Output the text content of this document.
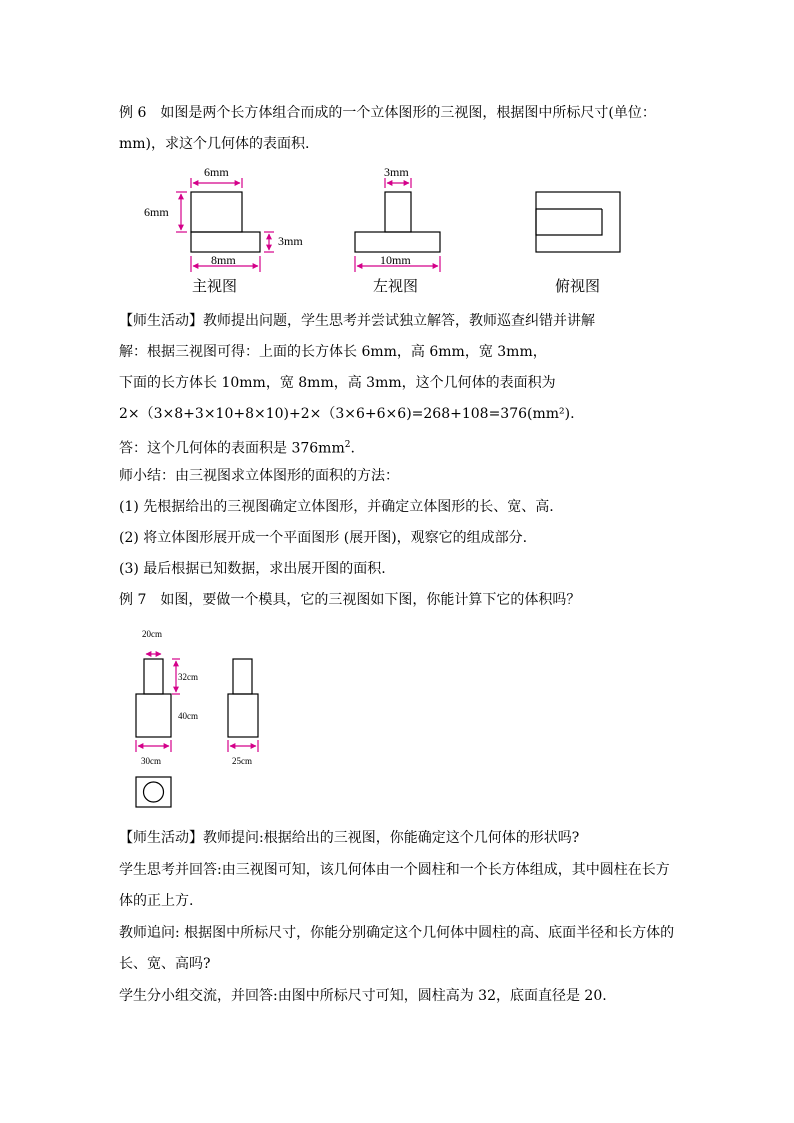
例 6　如图是两个长方体组合而成的一个立体图形的三视图，根据图中所标尺寸(单位：
mm)，求这个几何体的表面积.
6mm
6mm
3mm
8mm
主视图
3mm
10mm
左视图	俯视图
【师生活动】教师提出问题，学生思考并尝试独立解答，教师巡查纠错并讲解
解：根据三视图可得：上面的长方体长 6mm，高 6mm，宽 3mm，
下面的长方体长 10mm，宽 8mm，高 3mm，这个几何体的表面积为
2×（3×8+3×10+8×10)+2×（3×6+6×6)=268+108=376(mm²).
答：这个几何体的表面积是 $376mm^2$.
师小结：由三视图求立体图形的面积的方法：
(1) 先根据给出的三视图确定立体图形，并确定立体图形的长、宽、高.
(2) 将立体图形展开成一个平面图形 (展开图)，观察它的组成部分.
(3) 最后根据已知数据，求出展开图的面积.
例 7　如图，要做一个模具，它的三视图如下图，你能计算下它的体积吗？
20cm
32cm
40cm
30cm	25cm
【师生活动】教师提问:根据给出的三视图，你能确定这个几何体的形状吗?
学生思考并回答:由三视图可知，该几何体由一个圆柱和一个长方体组成，其中圆柱在长方
体的正上方.
教师追问: 根据图中所标尺寸，你能分别确定这个几何体中圆柱的高、底面半径和长方体的
长、宽、高吗?
学生分小组交流，并回答:由图中所标尺寸可知，圆柱高为 32，底面直径是 20.
